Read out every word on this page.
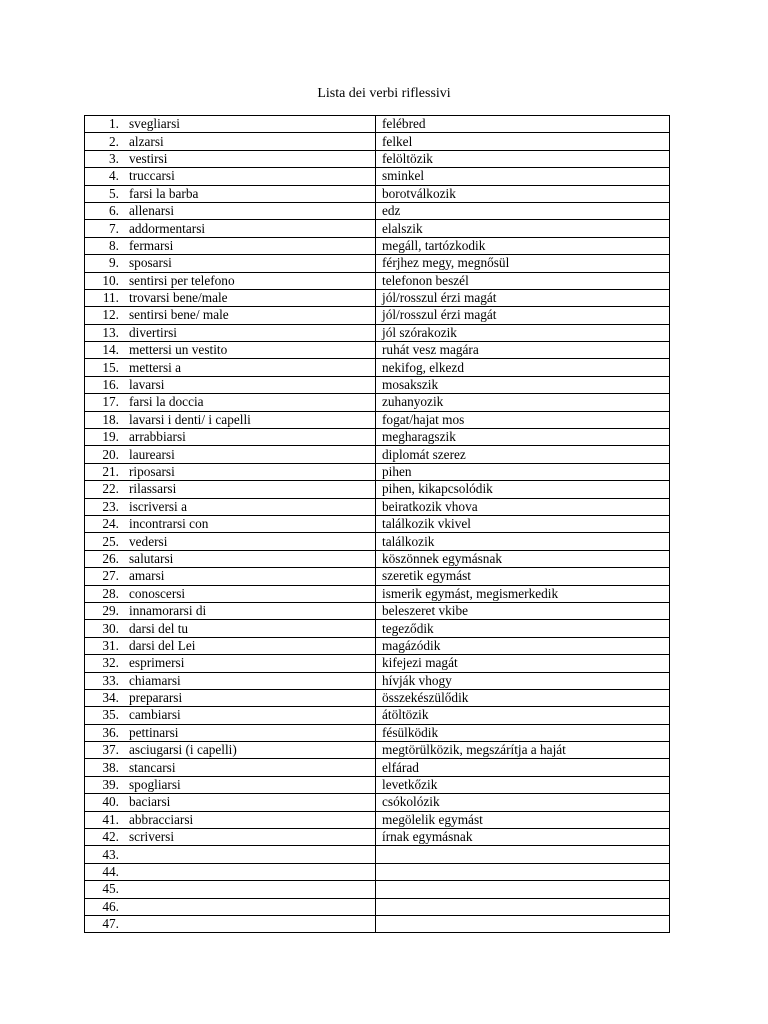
Lista dei verbi riflessivi
1. svegliarsi	felébred
2. alzarsi	felkel
3. vestirsi	felöltözik
4. truccarsi	sminkel
5. farsi la barba	borotválkozik
6. allenarsi	edz
7. addormentarsi	elalszik
8. fermarsi	megáll, tartózkodik
9. sposarsi	férjhez megy, megnősül
10. sentirsi per telefono	telefonon beszél
11. trovarsi bene/male	jól/rosszul érzi magát
12. sentirsi bene/ male	jól/rosszul érzi magát
13. divertirsi	jól szórakozik
14. mettersi un vestito	ruhát vesz magára
15. mettersi a	nekifog, elkezd
16. lavarsi	mosakszik
17. farsi la doccia	zuhanyozik
18. lavarsi i denti/ i capelli	fogat/hajat mos
19. arrabbiarsi	megharagszik
20. laurearsi	diplomát szerez
21. riposarsi	pihen
22. rilassarsi	pihen, kikapcsolódik
23. iscriversi a	beiratkozik vhova
24. incontrarsi con	találkozik vkivel
25. vedersi	találkozik
26. salutarsi	köszönnek egymásnak
27. amarsi	szeretik egymást
28. conoscersi	ismerik egymást, megismerkedik
29. innamorarsi di	beleszeret vkibe
30. darsi del tu	tegeződik
31. darsi del Lei	magázódik
32. esprimersi	kifejezi magát
33. chiamarsi	hívják vhogy
34. prepararsi	összekészülődik
35. cambiarsi	átöltözik
36. pettinarsi	fésülködik
37. asciugarsi (i capelli)	megtörülközik, megszárítja a haját
38. stancarsi	elfárad
39. spogliarsi	levetkőzik
40. baciarsi	csókolózik
41. abbracciarsi	megölelik egymást
42. scriversi	írnak egymásnak
43.	
44.	
45.	
46.	
47.	
